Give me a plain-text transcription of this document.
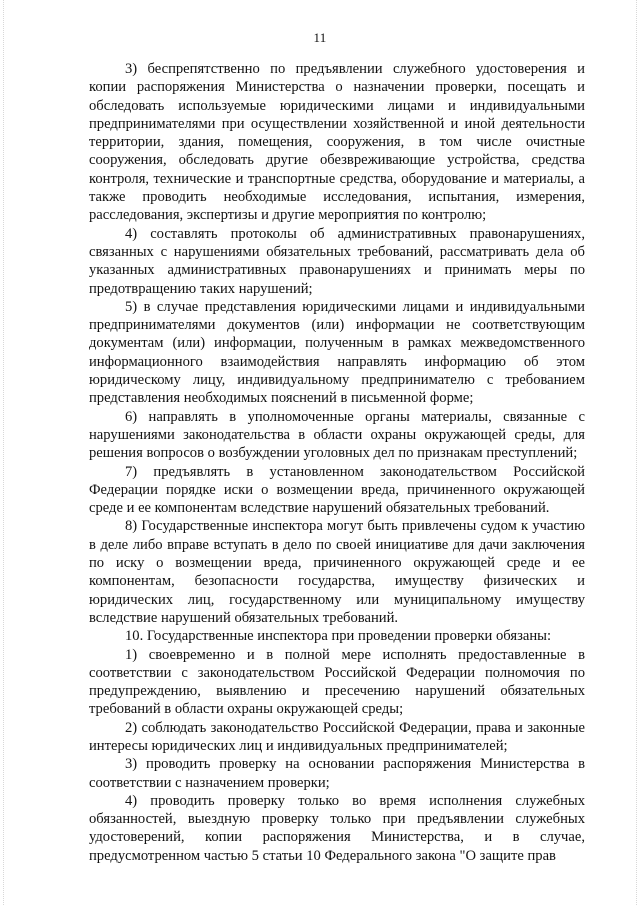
11

3) беспрепятственно по предъявлении служебного удостоверения и копии распоряжения Министерства о назначении проверки, посещать и обследовать используемые юридическими лицами и индивидуальными предпринимателями при осуществлении хозяйственной и иной деятельности территории, здания, помещения, сооружения, в том числе очистные сооружения, обследовать другие обезвреживающие устройства, средства контроля, технические и транспортные средства, оборудование и материалы, а также проводить необходимые исследования, испытания, измерения, расследования, экспертизы и другие мероприятия по контролю;

4) составлять протоколы об административных правонарушениях, связанных с нарушениями обязательных требований, рассматривать дела об указанных административных правонарушениях и принимать меры по предотвращению таких нарушений;

5) в случае представления юридическими лицами и индивидуальными предпринимателями документов (или) информации не соответствующим документам (или) информации, полученным в рамках межведомственного информационного взаимодействия направлять информацию об этом юридическому лицу, индивидуальному предпринимателю с требованием представления необходимых пояснений в письменной форме;

6) направлять в уполномоченные органы материалы, связанные с нарушениями законодательства в области охраны окружающей среды, для решения вопросов о возбуждении уголовных дел по признакам преступлений;

7) предъявлять в установленном законодательством Российской Федерации порядке иски о возмещении вреда, причиненного окружающей среде и ее компонентам вследствие нарушений обязательных требований.

8) Государственные инспектора могут быть привлечены судом к участию в деле либо вправе вступать в дело по своей инициативе для дачи заключения по иску о возмещении вреда, причиненного окружающей среде и ее компонентам, безопасности государства, имуществу физических и юридических лиц, государственному или муниципальному имуществу вследствие нарушений обязательных требований.

10. Государственные инспектора при проведении проверки обязаны:

1) своевременно и в полной мере исполнять предоставленные в соответствии с законодательством Российской Федерации полномочия по предупреждению, выявлению и пресечению нарушений обязательных требований в области охраны окружающей среды;

2) соблюдать законодательство Российской Федерации, права и законные интересы юридических лиц и индивидуальных предпринимателей;

3) проводить проверку на основании распоряжения Министерства в соответствии с назначением проверки;

4) проводить проверку только во время исполнения служебных обязанностей, выездную проверку только при предъявлении служебных удостоверений, копии распоряжения Министерства, и в случае, предусмотренном частью 5 статьи 10 Федерального закона "О защите прав
